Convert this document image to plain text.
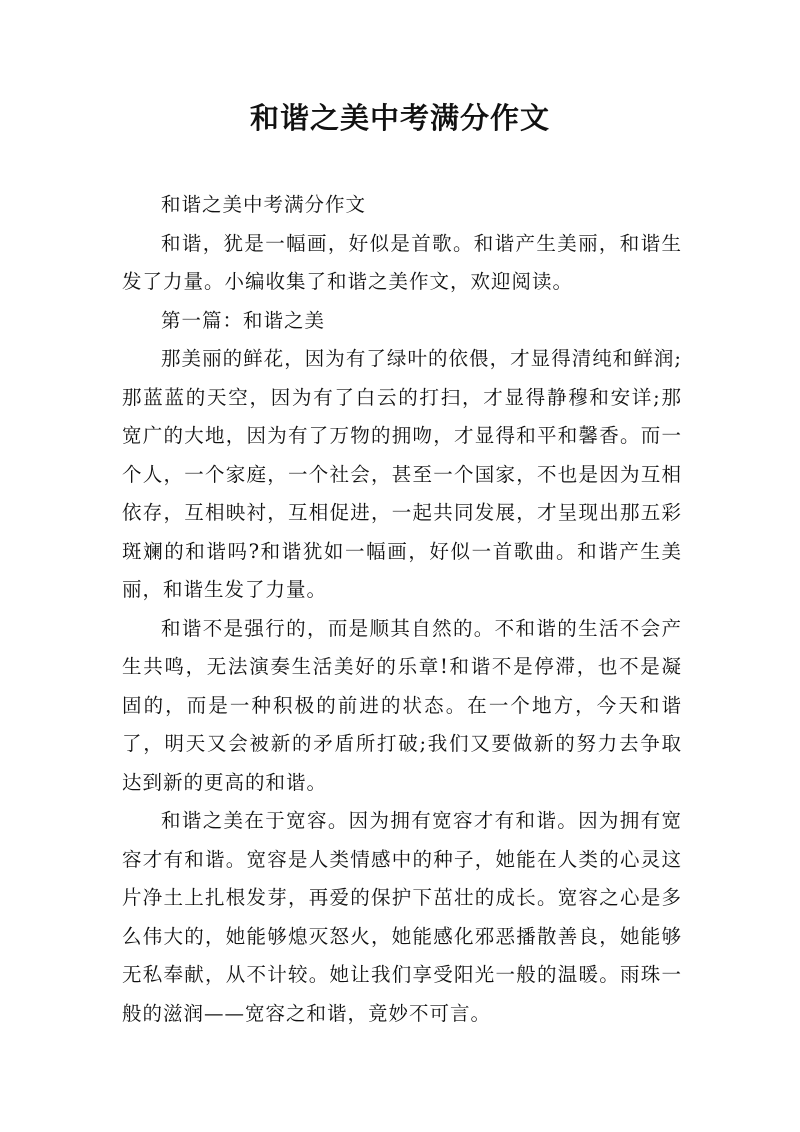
和谐之美中考满分作文

和谐之美中考满分作文

和谐，犹是一幅画，好似是首歌。和谐产生美丽，和谐生发了力量。小编收集了和谐之美作文，欢迎阅读。

第一篇：和谐之美

那美丽的鲜花，因为有了绿叶的依偎，才显得清纯和鲜润;那蓝蓝的天空，因为有了白云的打扫，才显得静穆和安详;那宽广的大地，因为有了万物的拥吻，才显得和平和馨香。而一个人，一个家庭，一个社会，甚至一个国家，不也是因为互相依存，互相映衬，互相促进，一起共同发展，才呈现出那五彩斑斓的和谐吗?和谐犹如一幅画，好似一首歌曲。和谐产生美丽，和谐生发了力量。

和谐不是强行的，而是顺其自然的。不和谐的生活不会产生共鸣，无法演奏生活美好的乐章!和谐不是停滞，也不是凝固的，而是一种积极的前进的状态。在一个地方，今天和谐了，明天又会被新的矛盾所打破;我们又要做新的努力去争取达到新的更高的和谐。

和谐之美在于宽容。因为拥有宽容才有和谐。因为拥有宽容才有和谐。宽容是人类情感中的种子，她能在人类的心灵这片净土上扎根发芽，再爱的保护下茁壮的成长。宽容之心是多么伟大的，她能够熄灭怒火，她能感化邪恶播散善良，她能够无私奉献，从不计较。她让我们享受阳光一般的温暖。雨珠一般的滋润——宽容之和谐，竟妙不可言。
